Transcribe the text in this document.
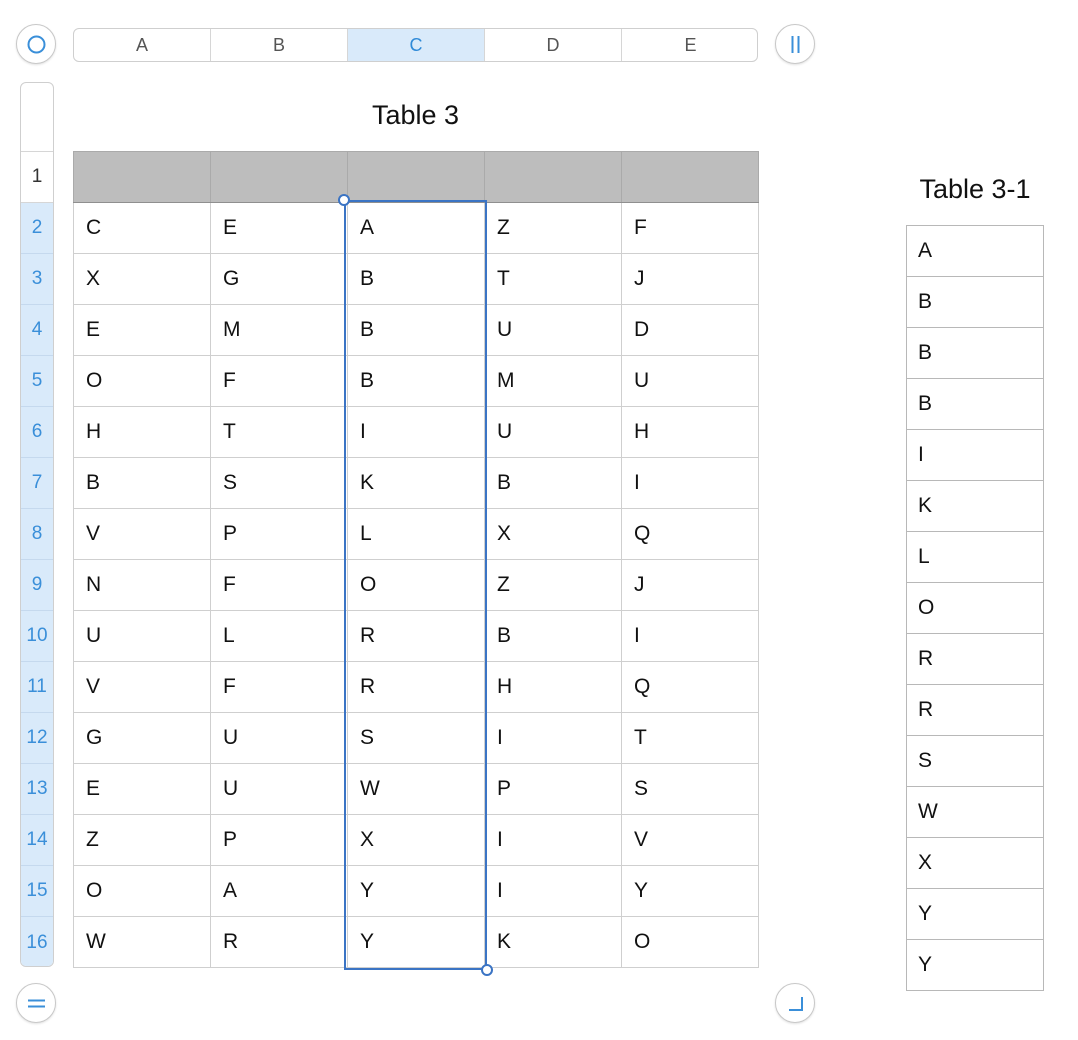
A	B	C	D	E
1
2
3
4
5
6
7
8
9
10
11
12
13
14
15
16
Table 3

C	E	A	Z	F
X	G	B	T	J
E	M	B	U	D
O	F	B	M	U
H	T	I	U	H
B	S	K	B	I
V	P	L	X	Q
N	F	O	Z	J
U	L	R	B	I
V	F	R	H	Q
G	U	S	I	T
E	U	W	P	S
Z	P	X	I	V
O	A	Y	I	Y
W	R	Y	K	O
Table 3-1
A
B
B
B
I
K
L
O
R
R
S
W
X
Y
Y
